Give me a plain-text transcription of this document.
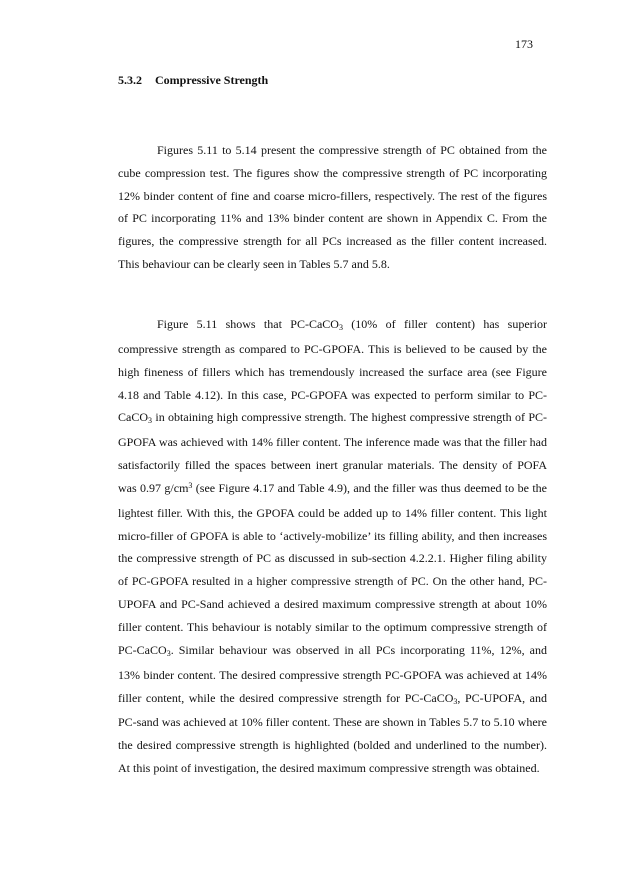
173
5.3.2 Compressive Strength

Figures 5.11 to 5.14 present the compressive strength of PC obtained from the cube compression test. The figures show the compressive strength of PC incorporating 12% binder content of fine and coarse micro-fillers, respectively. The rest of the figures of PC incorporating 11% and 13% binder content are shown in Appendix C. From the figures, the compressive strength for all PCs increased as the filler content increased. This behaviour can be clearly seen in Tables 5.7 and 5.8.

Figure 5.11 shows that PC-CaCO$_3$ (10% of filler content) has superior compressive strength as compared to PC-GPOFA. This is believed to be caused by the high fineness of fillers which has tremendously increased the surface area (see Figure 4.18 and Table 4.12). In this case, PC-GPOFA was expected to perform similar to PC-CaCO$_3$ in obtaining high compressive strength. The highest compressive strength of PC-GPOFA was achieved with 14% filler content. The inference made was that the filler had satisfactorily filled the spaces between inert granular materials. The density of POFA was 0.97 $g/cm^3$ (see Figure 4.17 and Table 4.9), and the filler was thus deemed to be the lightest filler. With this, the GPOFA could be added up to 14% filler content. This light micro-filler of GPOFA is able to ‘actively-mobilize’ its filling ability, and then increases the compressive strength of PC as discussed in sub-section 4.2.2.1. Higher filing ability of PC-GPOFA resulted in a higher compressive strength of PC. On the other hand, PC-UPOFA and PC-Sand achieved a desired maximum compressive strength at about 10% filler content. This behaviour is notably similar to the optimum compressive strength of PC-CaCO$_3$. Similar behaviour was observed in all PCs incorporating 11%, 12%, and 13% binder content. The desired compressive strength PC-GPOFA was achieved at 14% filler content, while the desired compressive strength for PC-CaCO$_3$, PC-UPOFA, and PC-sand was achieved at 10% filler content. These are shown in Tables 5.7 to 5.10 where the desired compressive strength is highlighted (bolded and underlined to the number). At this point of investigation, the desired maximum compressive strength was obtained.
